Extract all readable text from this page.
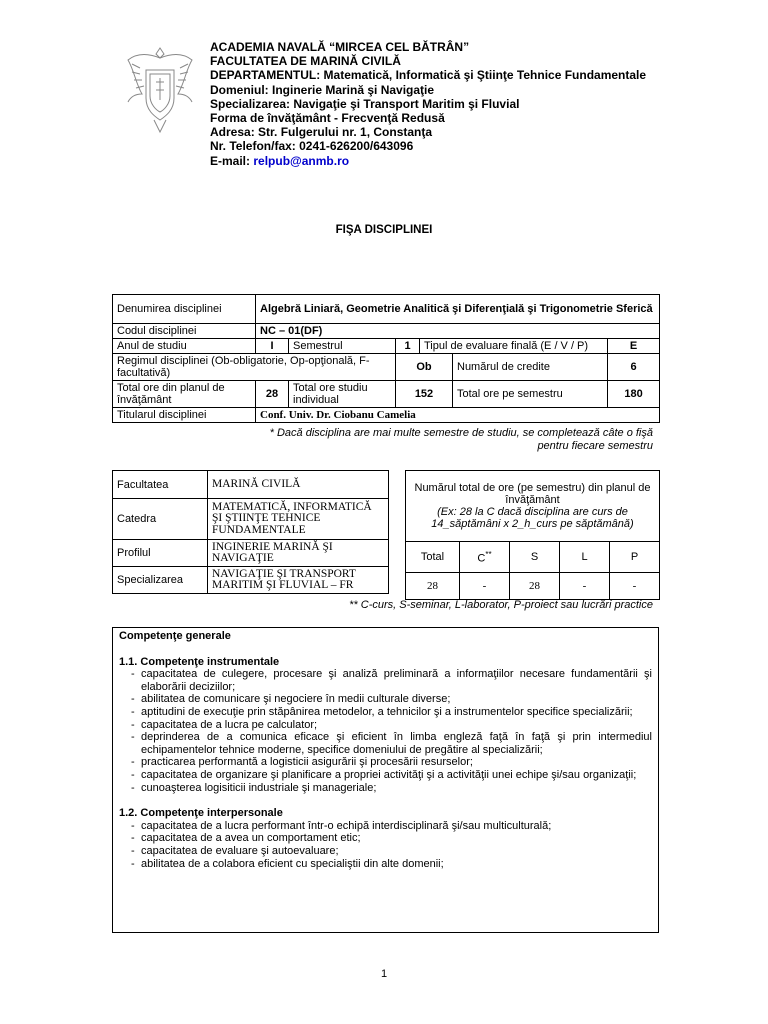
ACADEMIA NAVALĂ “MIRCEA CEL BĂTRÂN”
FACULTATEA DE MARINĂ CIVILĂ
DEPARTAMENTUL: Matematică, Informatică şi Ştiinţe Tehnice Fundamentale
Domeniul: Inginerie Marină şi Navigaţie
Specializarea: Navigaţie şi Transport Maritim şi Fluvial
Forma de învăţământ - Frecvenţă Redusă
Adresa: Str. Fulgerului nr. 1, Constanţa
Nr. Telefon/fax: 0241-626200/643096
E-mail: relpub@anmb.ro
FIŞA DISCIPLINEI
Denumirea disciplinei	Algebră Liniară, Geometrie Analitică şi Diferenţială şi Trigonometrie Sferică					
Codul disciplinei	NC – 01(DF)					
Anul de studiu	I	Semestrul	1	Tipul de evaluare finală (E / V / P)		E
Regimul disciplinei (Ob-obligatorie, Op-opţională, F-facultativă)			Ob		Numărul de credite	6
Total ore din planul de învăţământ	28	Total ore studiu individual	152		Total ore pe semestru	180
Titularul disciplinei	Conf. Univ. Dr. Ciobanu Camelia					
* Dacă disciplina are mai multe semestre de studiu, se completează câte o fişă
pentru fiecare semestru
Facultatea	MARINĂ CIVILĂ
Catedra	MATEMATICĂ, INFORMATICĂ ŞI ŞTIINŢE TEHNICE FUNDAMENTALE
Profilul	INGINERIE MARINĂ ŞI NAVIGAŢIE
Specializarea	NAVIGAŢIE ŞI TRANSPORT MARITIM ŞI FLUVIAL – FR
Numărul total de ore (pe semestru) din planul de învăţământ
(Ex: 28 la C dacă disciplina are curs de 14_săptămâni x 2_h_curs pe săptămână)				

Total	C**	S	L	P
28	-	28	-	-
** C-curs, S-seminar, L-laborator, P-proiect sau lucrări practice
Competenţe generale
1.1. Competenţe instrumentale
- capacitatea de culegere, procesare şi analiză preliminară a informaţiilor necesare fundamentării şi elaborării deciziilor;
- abilitatea de comunicare şi negociere în medii culturale diverse;
- aptitudini de execuţie prin stăpânirea metodelor, a tehnicilor şi a instrumentelor specifice specializării;
- capacitatea de a lucra pe calculator;
- deprinderea de a comunica eficace şi eficient în limba engleză faţă în faţă şi prin intermediul echipamentelor tehnice moderne, specifice domeniului de pregătire al specializării;
- practicarea performantă a logisticii asigurării şi procesării resurselor;
- capacitatea de organizare şi planificare a propriei activităţi şi a activităţii unei echipe şi/sau organizaţii;
- cunoaşterea logisiticii industriale şi manageriale;
1.2. Competenţe interpersonale
- capacitatea de a lucra performant într-o echipă interdisciplinară şi/sau multiculturală;
- capacitatea de a avea un comportament etic;
- capacitatea de evaluare şi autoevaluare;
- abilitatea de a colabora eficient cu specialiştii din alte domenii;
1
